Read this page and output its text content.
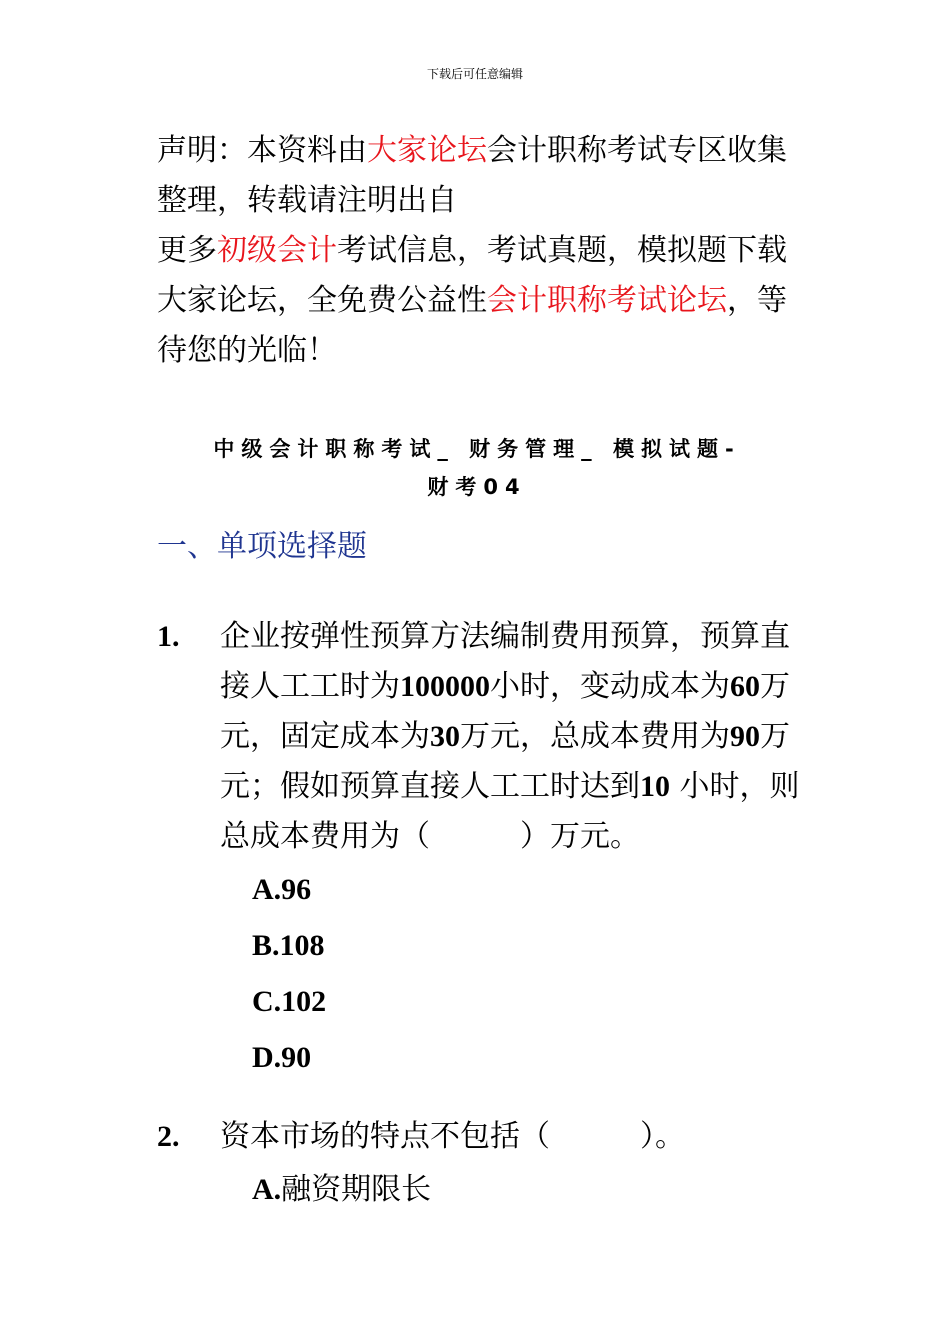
下载后可任意编辑

声明：本资料由大家论坛会计职称考试专区收集整理，转载请注明出自

更多初级会计考试信息，考试真题，模拟题下载

大家论坛，全免费公益性会计职称考试论坛，等待您的光临！

中级会计职称考试_ 财务管理_ 模拟试题-
财考04
一、单项选择题
1. 企业按弹性预算方法编制费用预算，预算直接人工工时为100000小时，变动成本为60万元，固定成本为30万元，总成本费用为90万元；假如预算直接人工工时达到10 小时，则总成本费用为（　　　）万元。
A.96
B.108
C.102
D.90
2. 资本市场的特点不包括（　　　）。
A.融资期限长
